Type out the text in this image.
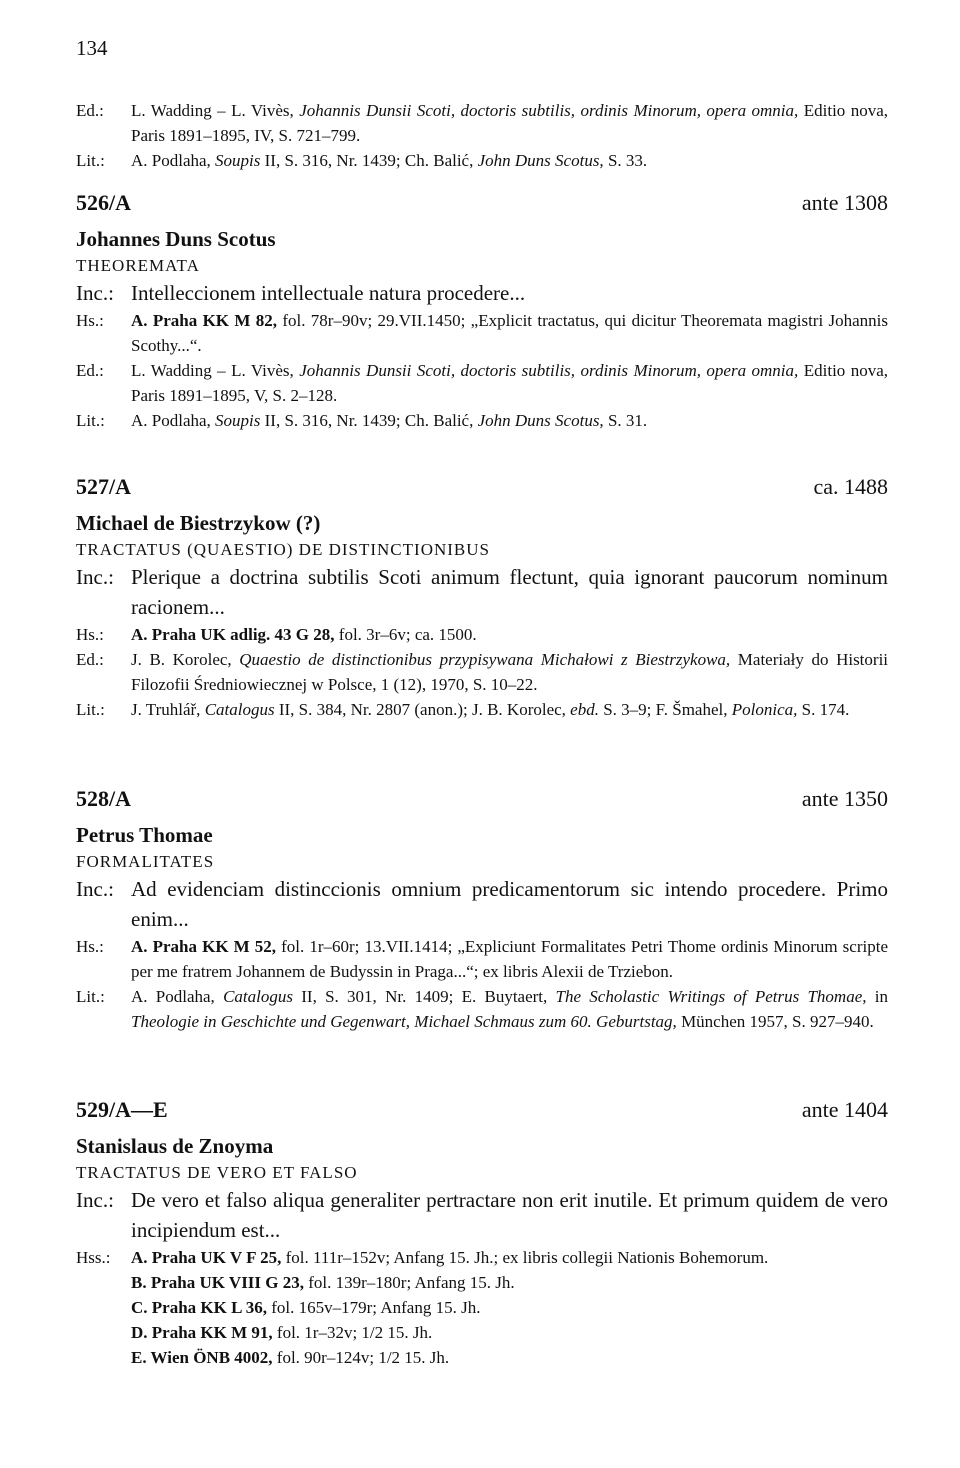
134
Ed.: L. Wadding – L. Vivès, Johannis Dunsii Scoti, doctoris subtilis, ordinis Minorum, opera omnia, Editio nova, Paris 1891–1895, IV, S. 721–799.
Lit.: A. Podlaha, Soupis II, S. 316, Nr. 1439; Ch. Balić, John Duns Scotus, S. 33.
526/A	ante 1308
Johannes Duns Scotus
THEOREMATA
Inc.: Intelleccionem intellectuale natura procedere...
Hs.: A. Praha KK M 82, fol. 78r–90v; 29.VII.1450; „Explicit tractatus, qui dicitur Theoremata magistri Johannis Scothy...“.
Ed.: L. Wadding – L. Vivès, Johannis Dunsii Scoti, doctoris subtilis, ordinis Minorum, opera omnia, Editio nova, Paris 1891–1895, V, S. 2–128.
Lit.: A. Podlaha, Soupis II, S. 316, Nr. 1439; Ch. Balić, John Duns Scotus, S. 31.
527/A	ca. 1488
Michael de Biestrzykow (?)
TRACTATUS (QUAESTIO) DE DISTINCTIONIBUS
Inc.: Plerique a doctrina subtilis Scoti animum flectunt, quia ignorant paucorum nominum racionem...
Hs.: A. Praha UK adlig. 43 G 28, fol. 3r–6v; ca. 1500.
Ed.: J. B. Korolec, Quaestio de distinctionibus przypisywana Michałowi z Biestrzykowa, Materiały do Historii Filozofii Średniowiecznej w Polsce, 1 (12), 1970, S. 10–22.
Lit.: J. Truhlář, Catalogus II, S. 384, Nr. 2807 (anon.); J. B. Korolec, ebd. S. 3–9; F. Šmahel, Polonica, S. 174.
528/A	ante 1350
Petrus Thomae
FORMALITATES
Inc.: Ad evidenciam distinccionis omnium predicamentorum sic intendo procedere. Primo enim...
Hs.: A. Praha KK M 52, fol. 1r–60r; 13.VII.1414; „Expliciunt Formalitates Petri Thome ordinis Minorum scripte per me fratrem Johannem de Budyssin in Praga...“; ex libris Alexii de Trziebon.
Lit.: A. Podlaha, Catalogus II, S. 301, Nr. 1409; E. Buytaert, The Scholastic Writings of Petrus Thomae, in Theologie in Geschichte und Gegenwart, Michael Schmaus zum 60. Geburtstag, München 1957, S. 927–940.
529/A—E	ante 1404
Stanislaus de Znoyma
TRACTATUS DE VERO ET FALSO
Inc.: De vero et falso aliqua generaliter pertractare non erit inutile. Et primum quidem de vero incipiendum est...
Hss.: A. Praha UK V F 25, fol. 111r–152v; Anfang 15. Jh.; ex libris collegii Nationis Bohemorum.
B. Praha UK VIII G 23, fol. 139r–180r; Anfang 15. Jh.
C. Praha KK L 36, fol. 165v–179r; Anfang 15. Jh.
D. Praha KK M 91, fol. 1r–32v; 1/2 15. Jh.
E. Wien ÖNB 4002, fol. 90r–124v; 1/2 15. Jh.
